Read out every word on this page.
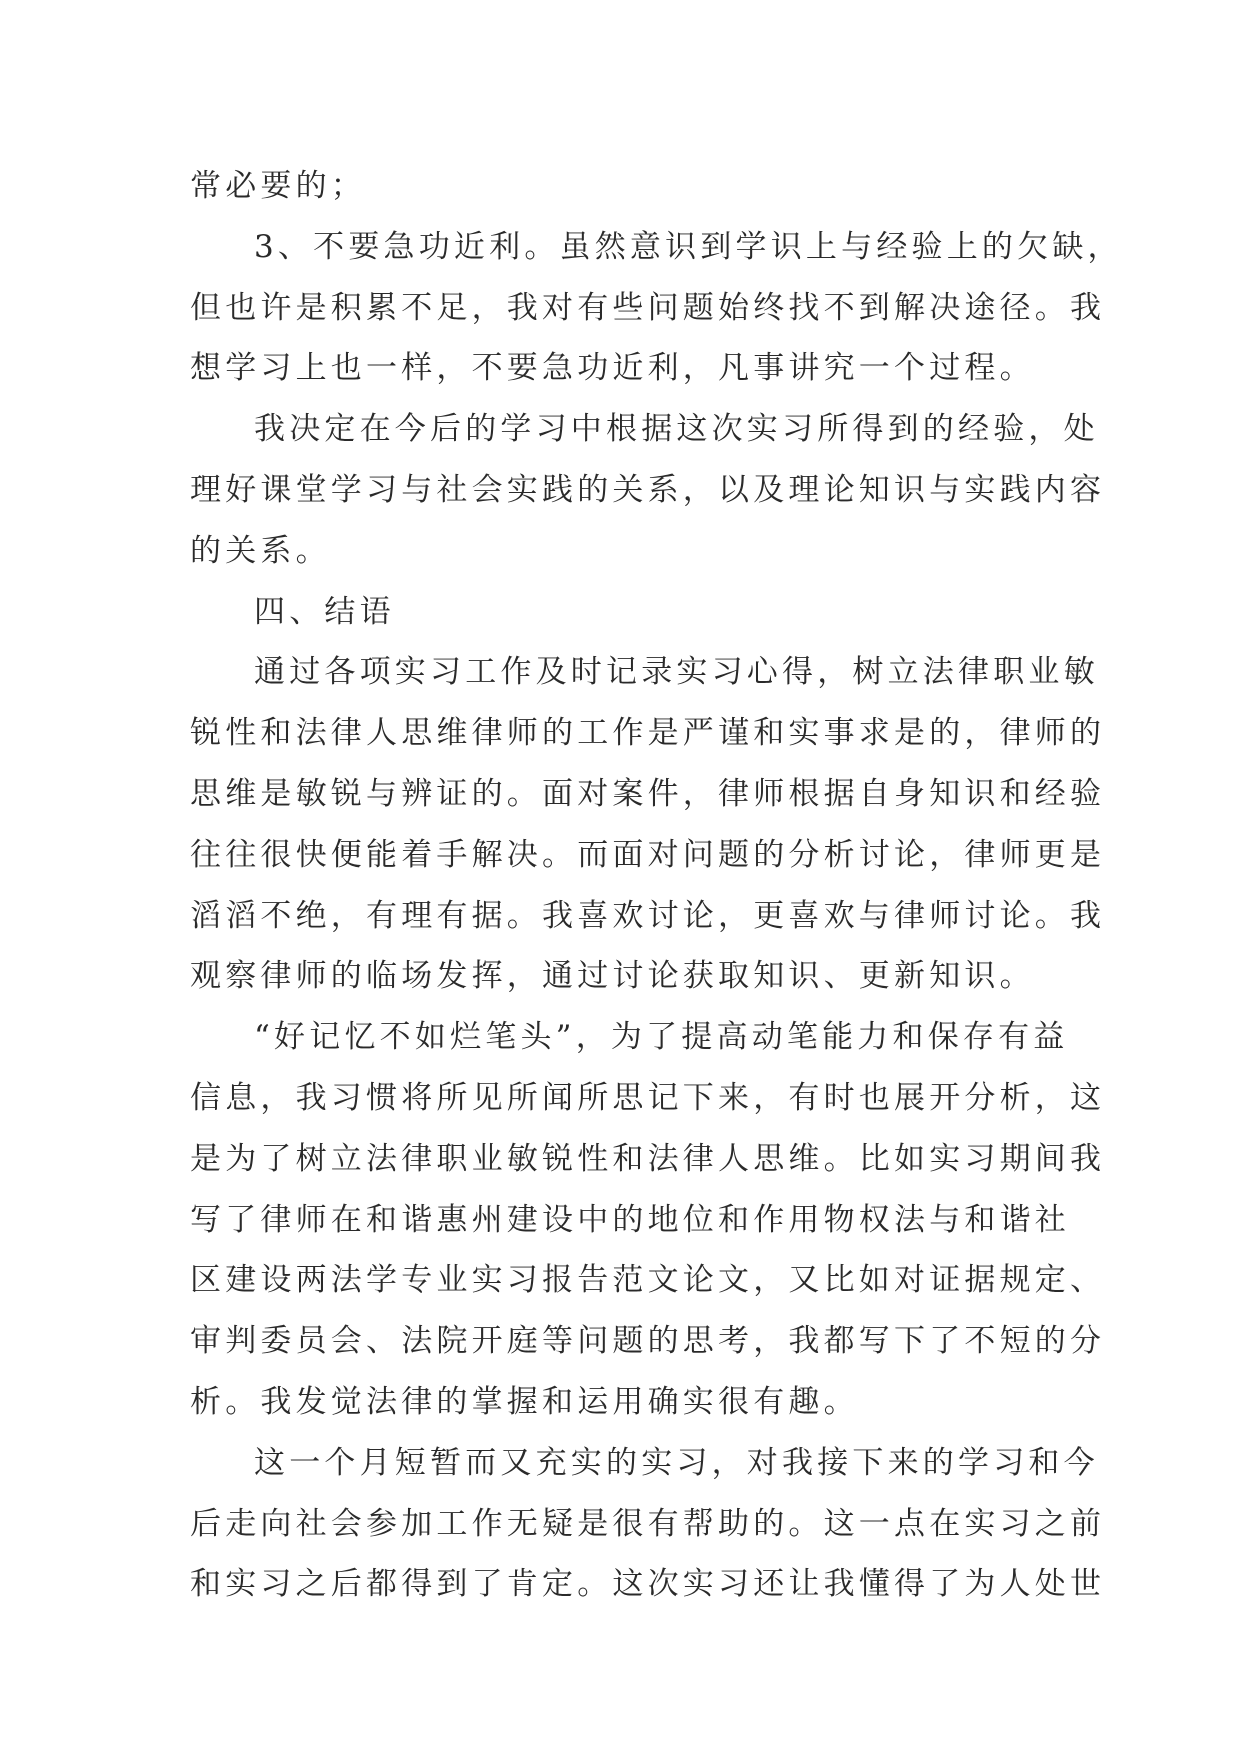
常必要的；
3、不要急功近利。虽然意识到学识上与经验上的欠缺，
但也许是积累不足，我对有些问题始终找不到解决途径。我
想学习上也一样，不要急功近利，凡事讲究一个过程。
我决定在今后的学习中根据这次实习所得到的经验，处
理好课堂学习与社会实践的关系，以及理论知识与实践内容
的关系。
四、结语
通过各项实习工作及时记录实习心得，树立法律职业敏
锐性和法律人思维律师的工作是严谨和实事求是的，律师的
思维是敏锐与辨证的。面对案件，律师根据自身知识和经验
往往很快便能着手解决。而面对问题的分析讨论，律师更是
滔滔不绝，有理有据。我喜欢讨论，更喜欢与律师讨论。我
观察律师的临场发挥，通过讨论获取知识、更新知识。
“好记忆不如烂笔头”，为了提高动笔能力和保存有益
信息，我习惯将所见所闻所思记下来，有时也展开分析，这
是为了树立法律职业敏锐性和法律人思维。比如实习期间我
写了律师在和谐惠州建设中的地位和作用物权法与和谐社
区建设两法学专业实习报告范文论文，又比如对证据规定、
审判委员会、法院开庭等问题的思考，我都写下了不短的分
析。我发觉法律的掌握和运用确实很有趣。
这一个月短暂而又充实的实习，对我接下来的学习和今
后走向社会参加工作无疑是很有帮助的。这一点在实习之前
和实习之后都得到了肯定。这次实习还让我懂得了为人处世
